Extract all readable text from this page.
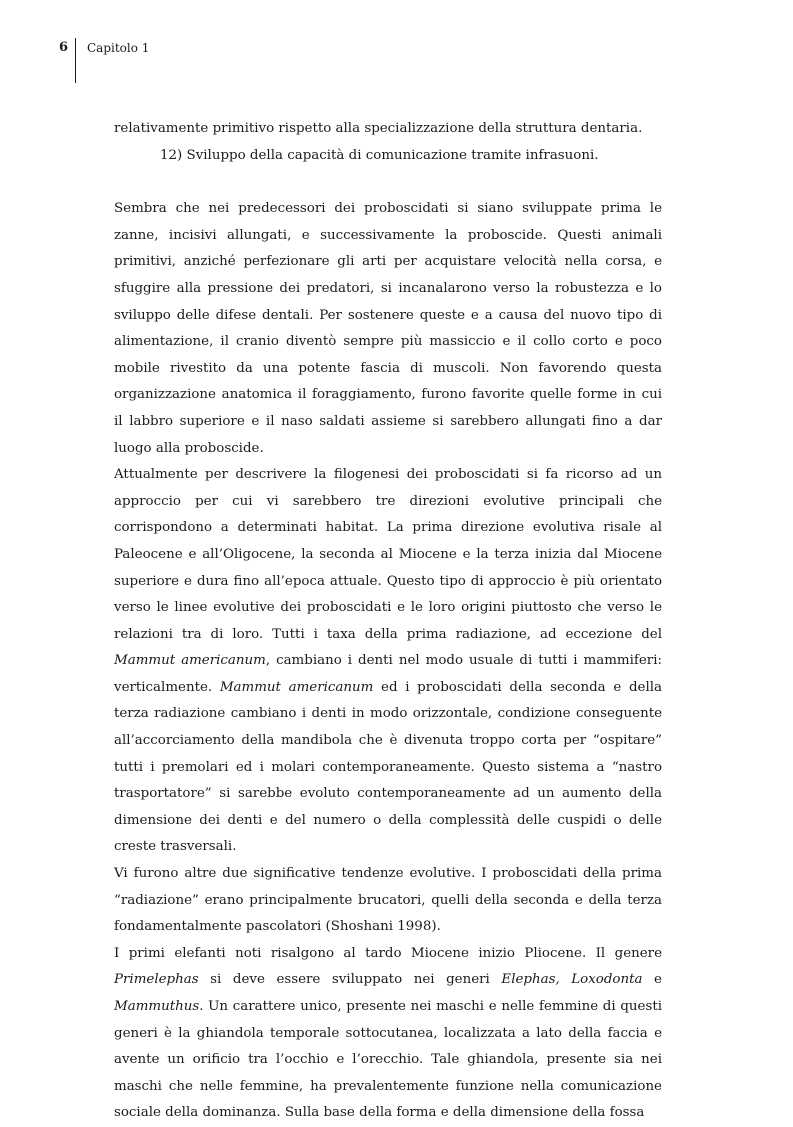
6 Capitolo 1

relativamente primitivo rispetto alla specializzazione della struttura dentaria.

12) Sviluppo della capacità di comunicazione tramite infrasuoni.

Sembra che nei predecessori dei proboscidati si siano sviluppate prima le zanne, incisivi allungati, e successivamente la proboscide. Questi animali primitivi, anziché perfezionare gli arti per acquistare velocità nella corsa, e sfuggire alla pressione dei predatori, si incanalarono verso la robustezza e lo sviluppo delle difese dentali. Per sostenere queste e a causa del nuovo tipo di alimentazione, il cranio diventò sempre più massiccio e il collo corto e poco mobile rivestito da una potente fascia di muscoli. Non favorendo questa organizzazione anatomica il foraggiamento, furono favorite quelle forme in cui il labbro superiore e il naso saldati assieme si sarebbero allungati fino a dar luogo alla proboscide.

Attualmente per descrivere la filogenesi dei proboscidati si fa ricorso ad un approccio per cui vi sarebbero tre direzioni evolutive principali che corrispondono a determinati habitat. La prima direzione evolutiva risale al Paleocene e all’Oligocene, la seconda al Miocene e la terza inizia dal Miocene superiore e dura fino all’epoca attuale. Questo tipo di approccio è più orientato verso le linee evolutive dei proboscidati e le loro origini piuttosto che verso le relazioni tra di loro. Tutti i taxa della prima radiazione, ad eccezione del Mammut americanum, cambiano i denti nel modo usuale di tutti i mammiferi: verticalmente. Mammut americanum ed i proboscidati della seconda e della terza radiazione cambiano i denti in modo orizzontale, condizione conseguente all’accorciamento della mandibola che è divenuta troppo corta per “ospitare” tutti i premolari ed i molari contemporaneamente. Questo sistema a “nastro trasportatore” si sarebbe evoluto contemporaneamente ad un aumento della dimensione dei denti e del numero o della complessità delle cuspidi o delle creste trasversali.

Vi furono altre due significative tendenze evolutive. I proboscidati della prima “radiazione” erano principalmente brucatori, quelli della seconda e della terza fondamentalmente pascolatori (Shoshani 1998).

I primi elefanti noti risalgono al tardo Miocene inizio Pliocene. Il genere Primelephas si deve essere sviluppato nei generi Elephas, Loxodonta e Mammuthus. Un carattere unico, presente nei maschi e nelle femmine di questi generi è la ghiandola temporale sottocutanea, localizzata a lato della faccia e avente un orificio tra l’occhio e l’orecchio. Tale ghiandola, presente sia nei maschi che nelle femmine, ha prevalentemente funzione nella comunicazione sociale della dominanza. Sulla base della forma e della dimensione della fossa
